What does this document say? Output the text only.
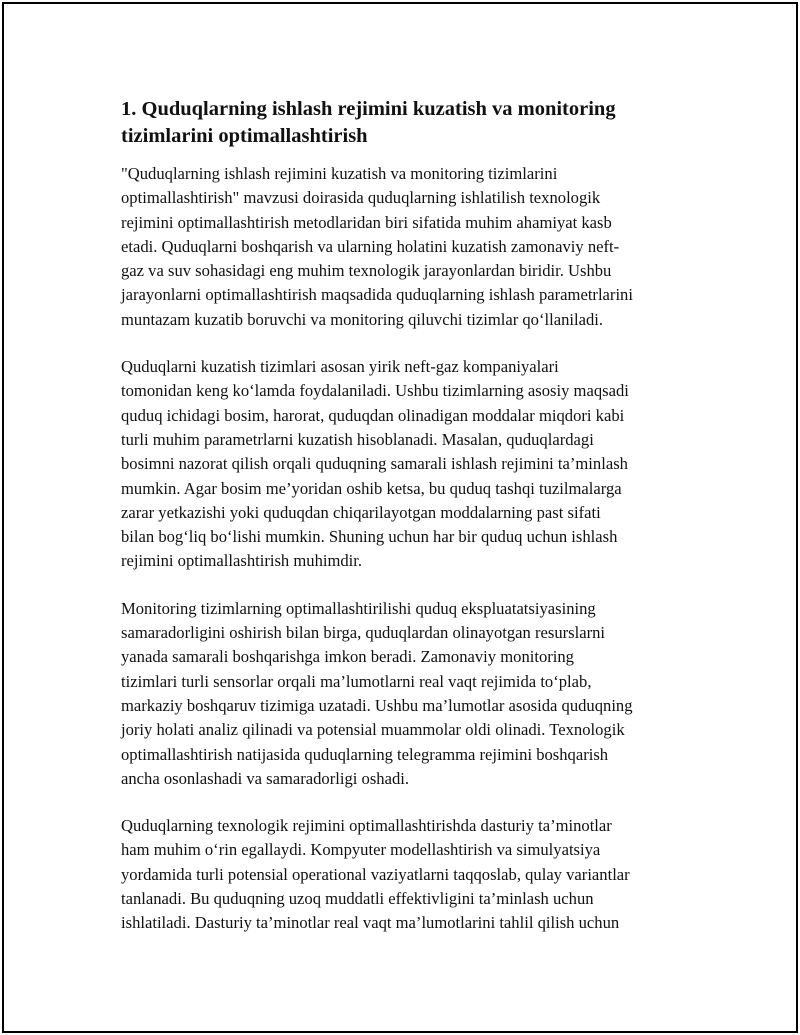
1. Quduqlarning ishlash rejimini kuzatish va monitoring
tizimlarini optimallashtirish

"Quduqlarning ishlash rejimini kuzatish va monitoring tizimlarini
optimallashtirish" mavzusi doirasida quduqlarning ishlatilish texnologik
rejimini optimallashtirish metodlaridan biri sifatida muhim ahamiyat kasb
etadi. Quduqlarni boshqarish va ularning holatini kuzatish zamonaviy neft-
gaz va suv sohasidagi eng muhim texnologik jarayonlardan biridir. Ushbu
jarayonlarni optimallashtirish maqsadida quduqlarning ishlash parametrlarini
muntazam kuzatib boruvchi va monitoring qiluvchi tizimlar qo‘llaniladi.

Quduqlarni kuzatish tizimlari asosan yirik neft-gaz kompaniyalari
tomonidan keng ko‘lamda foydalaniladi. Ushbu tizimlarning asosiy maqsadi
quduq ichidagi bosim, harorat, quduqdan olinadigan moddalar miqdori kabi
turli muhim parametrlarni kuzatish hisoblanadi. Masalan, quduqlardagi
bosimni nazorat qilish orqali quduqning samarali ishlash rejimini ta’minlash
mumkin. Agar bosim me’yoridan oshib ketsa, bu quduq tashqi tuzilmalarga
zarar yetkazishi yoki quduqdan chiqarilayotgan moddalarning past sifati
bilan bog‘liq bo‘lishi mumkin. Shuning uchun har bir quduq uchun ishlash
rejimini optimallashtirish muhimdir.

Monitoring tizimlarning optimallashtirilishi quduq ekspluatatsiyasining
samaradorligini oshirish bilan birga, quduqlardan olinayotgan resurslarni
yanada samarali boshqarishga imkon beradi. Zamonaviy monitoring
tizimlari turli sensorlar orqali ma’lumotlarni real vaqt rejimida to‘plab,
markaziy boshqaruv tizimiga uzatadi. Ushbu ma’lumotlar asosida quduqning
joriy holati analiz qilinadi va potensial muammolar oldi olinadi. Texnologik
optimallashtirish natijasida quduqlarning telegramma rejimini boshqarish
ancha osonlashadi va samaradorligi oshadi.

Quduqlarning texnologik rejimini optimallashtirishda dasturiy ta’minotlar
ham muhim o‘rin egallaydi. Kompyuter modellashtirish va simulyatsiya
yordamida turli potensial operational vaziyatlarni taqqoslab, qulay variantlar
tanlanadi. Bu quduqning uzoq muddatli effektivligini ta’minlash uchun
ishlatiladi. Dasturiy ta’minotlar real vaqt ma’lumotlarini tahlil qilish uchun
